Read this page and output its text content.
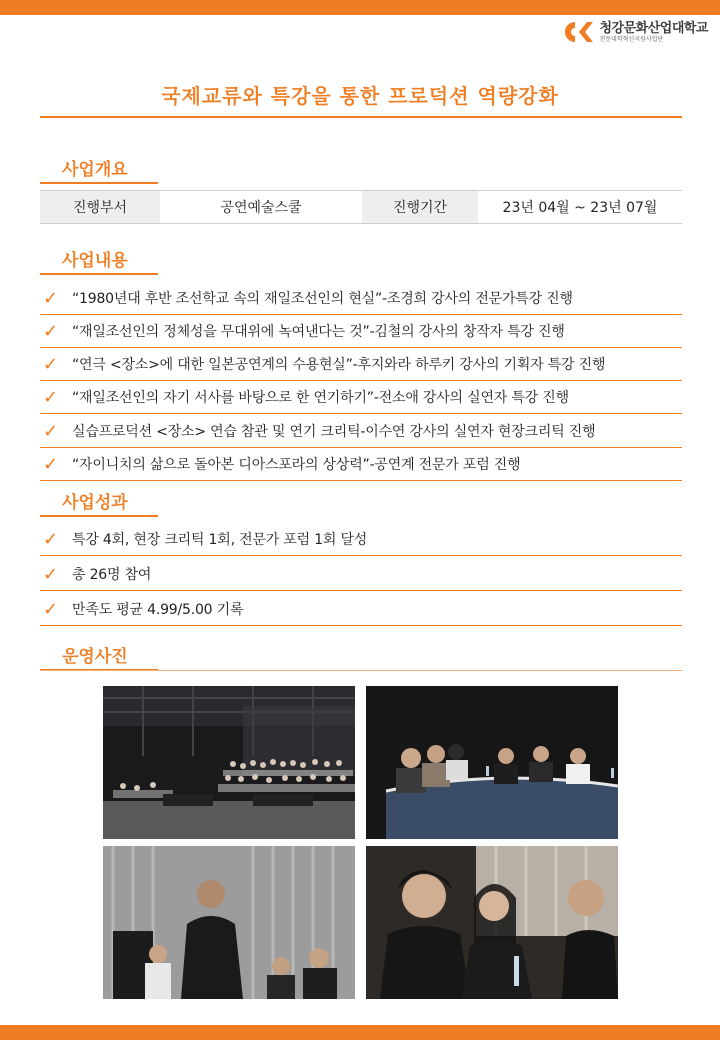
청강문화산업대학교
전문대학혁신지원사업단
국제교류와 특강을 통한 프로덕션 역량강화
사업개요
진행부서	공연예술스쿨	진행기간	23년 04월 ~ 23년 07월
사업내용
✓ “1980년대 후반 조선학교 속의 재일조선인의 현실”-조경희 강사의 전문가특강 진행
✓ “재일조선인의 정체성을 무대위에 녹여낸다는 것”-김철의 강사의 창작자 특강 진행
✓ “연극 <장소>에 대한 일본공연계의 수용현실”-후지와라 하루키 강사의 기획자 특강 진행
✓ “재일조선인의 자기 서사를 바탕으로 한 연기하기”-전소애 강사의 실연자 특강 진행
✓ 실습프로덕션 <장소> 연습 참관 및 연기 크리틱-이수연 강사의 실연자 현장크리틱 진행
✓ “자이니치의 삶으로 돌아본 디아스포라의 상상력”-공연계 전문가 포럼 진행
사업성과
✓ 특강 4회, 현장 크리틱 1회, 전문가 포럼 1회 달성
✓ 총 26명 참여
✓ 만족도 평균 4.99/5.00 기록
운영사진
